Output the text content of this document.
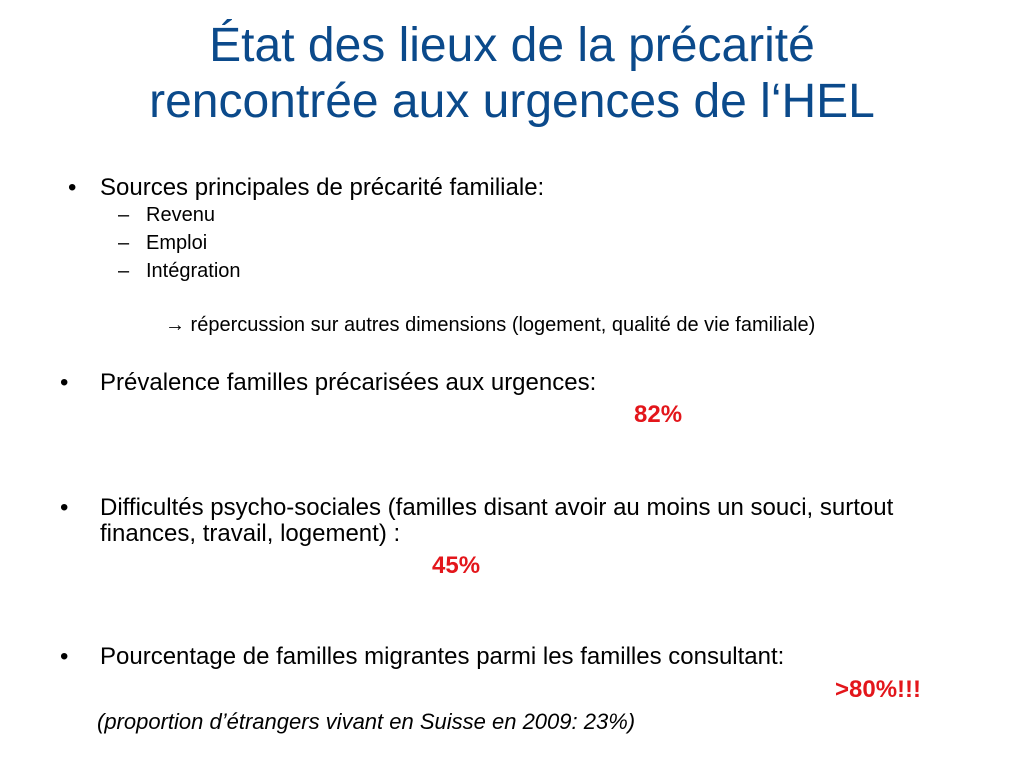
État des lieux de la précarité
rencontrée aux urgences de l‘HEL
• Sources principales de précarité familiale:
– Revenu
– Emploi
– Intégration
→ répercussion sur autres dimensions (logement, qualité de vie familiale)
• Prévalence familles précarisées aux urgences:
82%
• Difficultés psycho-sociales (familles disant avoir au moins un souci, surtout
finances, travail, logement) :
45%
• Pourcentage de familles migrantes parmi les familles consultant:
>80%!!!
(proportion d’étrangers vivant en Suisse en 2009: 23%)
